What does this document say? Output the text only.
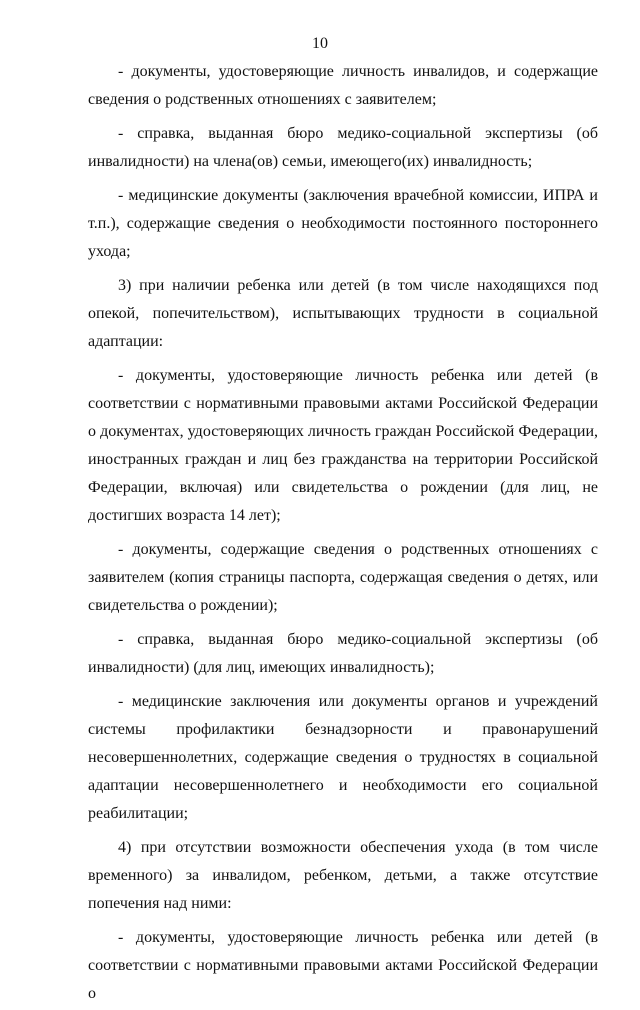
10

- документы, удостоверяющие личность инвалидов, и содержащие сведения о родственных отношениях с заявителем;

- справка, выданная бюро медико-социальной экспертизы (об инвалидности) на члена(ов) семьи, имеющего(их) инвалидность;

- медицинские документы (заключения врачебной комиссии, ИПРА и т.п.), содержащие сведения о необходимости постоянного постороннего ухода;

3) при наличии ребенка или детей (в том числе находящихся под опекой, попечительством), испытывающих трудности в социальной адаптации:

- документы, удостоверяющие личность ребенка или детей (в соответствии с нормативными правовыми актами Российской Федерации о документах, удостоверяющих личность граждан Российской Федерации, иностранных граждан и лиц без гражданства на территории Российской Федерации, включая) или свидетельства о рождении (для лиц, не достигших возраста 14 лет);

- документы, содержащие сведения о родственных отношениях с заявителем (копия страницы паспорта, содержащая сведения о детях, или свидетельства о рождении);

- справка, выданная бюро медико-социальной экспертизы (об инвалидности) (для лиц, имеющих инвалидность);

- медицинские заключения или документы органов и учреждений системы профилактики безнадзорности и правонарушений несовершеннолетних, содержащие сведения о трудностях в социальной адаптации несовершеннолетнего и необходимости его социальной реабилитации;

4) при отсутствии возможности обеспечения ухода (в том числе временного) за инвалидом, ребенком, детьми, а также отсутствие попечения над ними:

- документы, удостоверяющие личность ребенка или детей (в соответствии с нормативными правовыми актами Российской Федерации о
